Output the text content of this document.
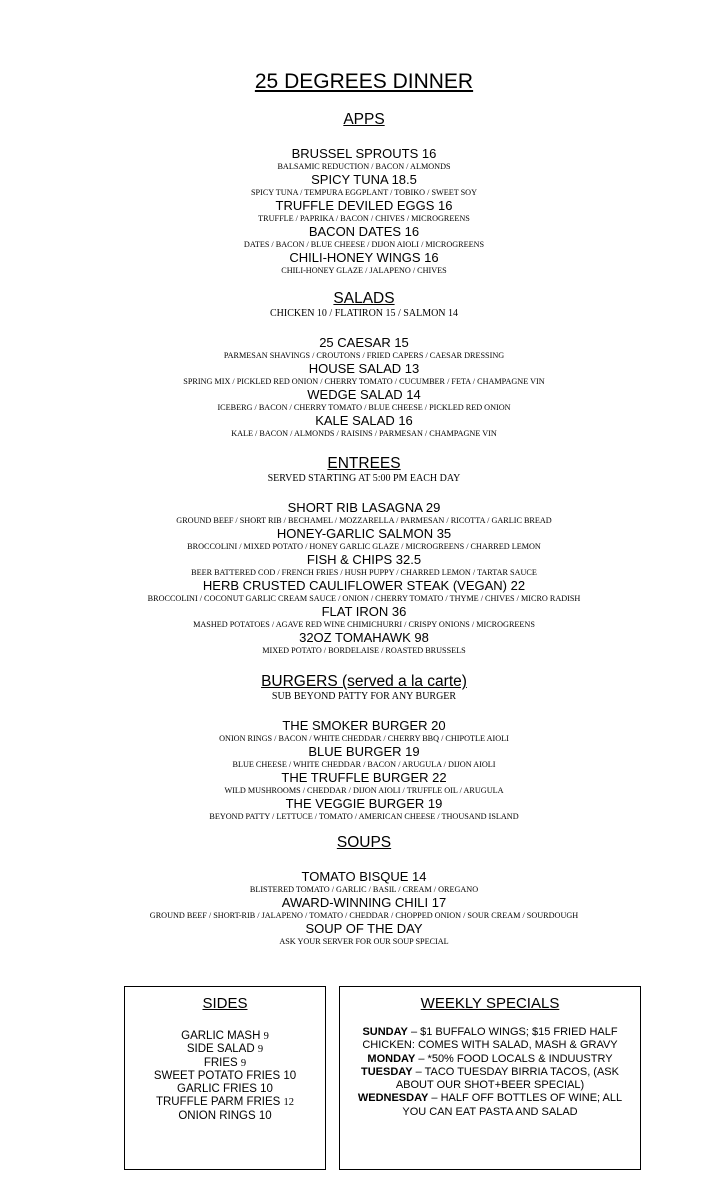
25 DEGREES DINNER
APPS
BRUSSEL SPROUTS 16
BALSAMIC REDUCTION / BACON / ALMONDS
SPICY TUNA 18.5
SPICY TUNA / TEMPURA EGGPLANT / TOBIKO / SWEET SOY
TRUFFLE DEVILED EGGS 16
TRUFFLE / PAPRIKA / BACON / CHIVES / MICROGREENS
BACON DATES 16
DATES / BACON / BLUE CHEESE / DIJON AIOLI / MICROGREENS
CHILI-HONEY WINGS 16
CHILI-HONEY GLAZE / JALAPENO / CHIVES
SALADS
CHICKEN 10 / FLATIRON 15 / SALMON 14
25 CAESAR 15
PARMESAN SHAVINGS / CROUTONS / FRIED CAPERS / CAESAR DRESSING
HOUSE SALAD 13
SPRING MIX / PICKLED RED ONION / CHERRY TOMATO / CUCUMBER / FETA / CHAMPAGNE VIN
WEDGE SALAD 14
ICEBERG / BACON / CHERRY TOMATO / BLUE CHEESE / PICKLED RED ONION
KALE SALAD 16
KALE / BACON / ALMONDS / RAISINS / PARMESAN / CHAMPAGNE VIN
ENTREES
SERVED STARTING AT 5:00 PM EACH DAY
SHORT RIB LASAGNA 29
GROUND BEEF / SHORT RIB / BECHAMEL / MOZZARELLA / PARMESAN / RICOTTA / GARLIC BREAD
HONEY-GARLIC SALMON 35
BROCCOLINI / MIXED POTATO / HONEY GARLIC GLAZE / MICROGREENS / CHARRED LEMON
FISH & CHIPS 32.5
BEER BATTERED COD / FRENCH FRIES / HUSH PUPPY / CHARRED LEMON / TARTAR SAUCE
HERB CRUSTED CAULIFLOWER STEAK (VEGAN) 22
BROCCOLINI / COCONUT GARLIC CREAM SAUCE / ONION / CHERRY TOMATO / THYME / CHIVES / MICRO RADISH
FLAT IRON 36
MASHED POTATOES / AGAVE RED WINE CHIMICHURRI / CRISPY ONIONS / MICROGREENS
32OZ TOMAHAWK 98
MIXED POTATO / BORDELAISE / ROASTED BRUSSELS
BURGERS (served a la carte)
SUB BEYOND PATTY FOR ANY BURGER
THE SMOKER BURGER 20
ONION RINGS / BACON / WHITE CHEDDAR / CHERRY BBQ / CHIPOTLE AIOLI
BLUE BURGER 19
BLUE CHEESE / WHITE CHEDDAR / BACON / ARUGULA / DIJON AIOLI
THE TRUFFLE BURGER 22
WILD MUSHROOMS / CHEDDAR / DIJON AIOLI / TRUFFLE OIL / ARUGULA
THE VEGGIE BURGER 19
BEYOND PATTY / LETTUCE / TOMATO / AMERICAN CHEESE / THOUSAND ISLAND
SOUPS
TOMATO BISQUE 14
BLISTERED TOMATO / GARLIC / BASIL / CREAM / OREGANO
AWARD-WINNING CHILI 17
GROUND BEEF / SHORT-RIB / JALAPENO / TOMATO / CHEDDAR / CHOPPED ONION / SOUR CREAM / SOURDOUGH
SOUP OF THE DAY
ASK YOUR SERVER FOR OUR SOUP SPECIAL
SIDES
GARLIC MASH 9
SIDE SALAD 9
FRIES 9
SWEET POTATO FRIES 10
GARLIC FRIES 10
TRUFFLE PARM FRIES 12
ONION RINGS 10
WEEKLY SPECIALS
SUNDAY – $1 BUFFALO WINGS; $15 FRIED HALF CHICKEN: COMES WITH SALAD, MASH & GRAVY
MONDAY – *50% FOOD LOCALS & INDUUSTRY
TUESDAY – TACO TUESDAY BIRRIA TACOS, (ASK ABOUT OUR SHOT+BEER SPECIAL)
WEDNESDAY – HALF OFF BOTTLES OF WINE; ALL YOU CAN EAT PASTA AND SALAD
